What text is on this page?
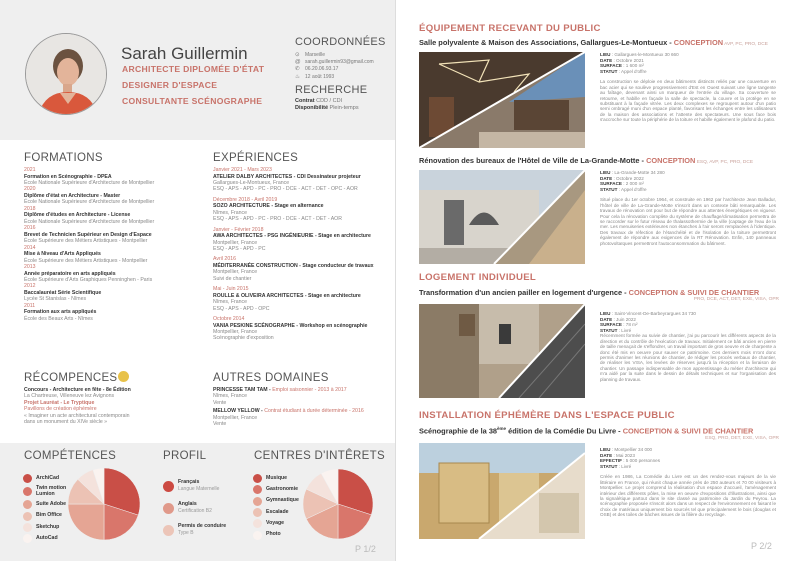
Sarah Guillermin
ARCHITECTE DIPLOMÉE D'ÉTAT
DESIGNER D'ESPACE
CONSULTANTE SCÉNOGRAPHE
COORDONNÉES
⊙ Marseille
@ sarah.guillermin93@gmail.com
✆ 06.20.06.93.17
♨ 12 août 1993
RECHERCHE
Contrat CDD / CDI
Disponibilité Plein-temps
FORMATIONS
2021
Formation en Scénographie - DPEA
École Nationale Supérieure d'Architecture de Montpellier
2020
Diplôme d'état en Architecture - Master
École Nationale Supérieure d'Architecture de Montpellier
2018
Diplôme d'études en Architecture - License
École Nationale Supérieure d'Architecture de Montpellier
2016
Brevet de Technicien Supérieur en Design d'Espace
École Supérieure des Métiers Artistiques - Montpellier
2014
Mise à Niveau d'Arts Appliqués
École Supérieure des Métiers Artistiques - Montpellier
2013
Année préparatoire en arts appliqués
École Supérieure d'Arts Graphiques Penninghen - Paris
2012
Baccalauréat Série Scientifique
Lycée St Stanislas - Nîmes
2011
Formation aux arts appliqués
École des Beaux Arts - Nîmes
RÉCOMPENCES
Concours - Architecture en fête - 8e Édition
La Chartreuse, Villeneuve lez Avignons
Projet Lauréat - Le Tryptique
Pavillons de création éphémère
« Imaginer un acte architectural contemporain
dans un monument du XIVe siècle »
EXPÉRIENCES
Janvier 2021 - Mars 2023
ATELIER DALBY ARCHITECTES - CDI Dessinateur projeteur
Gallargues-Le-Montueux, France
ESQ - APS - APD - PC - PRO - DCE - ACT - DET - OPC - AOR
Décembre 2018 - Avril 2019
SOZO ARCHITECTURE - Stage en alternance
Nîmes, France
ESQ - APS - APD - PC - PRO - DCE - ACT - DET - AOR
Janvier - Février 2018
AWA ARCHITECTES - PSG INGÉNIEURIE - Stage en architecture
Montpellier, France
ESQ - APS - APD - PC
Avril 2016
MÉDITERRANÉE CONSTRUCTION - Stage conducteur de travaux
Montpellier, France
Suivi de chantier
Mai - Juin 2015
ROULLE & OLIVEIRA ARCHITECTES - Stage en architecture
Nîmes, France
ESQ - APS - APD - OPC
Octobre 2014
VANIA PESKINE SCÉNOGRAPHE - Workshop en scénographie
Montpellier, France
Scénographie d'exposition
AUTRES DOMAINES
PRINCESSE TAM TAM - Emploi saisonnier - 2013 à 2017
Nîmes, France
Vente
MELLOW YELLOW - Contrat étudiant à durée déterminée - 2016
Montpellier, France
Vente
COMPÉTENCES
ArchiCad
Twin motion
Lumion
Suite Adobe
Bim Office
Sketchup
AutoCad
PROFIL
Français
Langue Maternelle
Anglais
Certification B2
Permis de conduire
Type B
CENTRES D'INTÊRETS
Musique
Gastronomie
Gymnastique
Escalade
Voyage
Photo
P 1/2
ÉQUIPEMENT RECEVANT DU PUBLIC
Salle polyvalente & Maison des Associations, Gallargues-Le-Montueux - CONCEPTION AVP, PC, PRO, DCE
LIEU : Gallargues-le-Montueux 30 660
DATE : Octobre 2021
SURFACE : 1 600 m²
STATUT : Appel d'offre

La construction se déploie en deux bâtiments distincts reliés par une couverture en bac acier qui se soulève progressivement d'Est en Ouest suivant une ligne tangente au faîtage, devenant ainsi un marqueur de l'entrée du village. Sa couverture se retourne, et habille en façade la salle de spectacle, la couvre et la protège en se substituant à la façade vitrée. Les deux complexes se regroupent autour d'un patio semi ombragé muni d'un espace planté, favorisant les échanges entre les utilisateurs de la maison des associations et l'attente des spectateurs. Une sous face bois s'accroche sur toute la périphérie de la toiture et habille également le plafond du patio.

Rénovation des bureaux de l'Hôtel de Ville de La-Grande-Motte - CONCEPTION ESQ, AVP, PC, PRO, DCE
LIEU : La-Grande-Motte 34 280
DATE : Octobre 2022
SURFACE : 2 000 m²
STATUT : Appel d'offre

Situé place du 1er octobre 1964, et construite en 1962 par l'architecte Jean Balladur, l'hôtel de ville de La-Grande-Motte s'inscrit dans un contexte bâti remarquable. Les travaux de rénovation ont pour but de répondre aux attentes énergétiques en vigueur. Pour cela la rénovation complète du système de chauffage/climatisation permettra de se raccorder sur le futur réseau de thalassothermie de la ville (captage de l'eau de la mer. Les menuiseries extérieures non étanches à l'air seront remplacées à l'identique. Des travaux de réfection de l'étanchéité et de l'isolation de la toiture permettront également de répondre aux exigences de la RT Rénovation. Enfin, 140 panneaux photovoltaïques permettront l'autoconsommation du bâtiment.

LOGEMENT INDIVIDUEL
Transformation d'un ancien pailler en logement d'urgence - CONCEPTION & SUIVI DE CHANTIER
PRO, DCE, ACT, DET, EXE, VISA, OPR
LIEU : Saint-Vincent-De-Barbeyrargues 34 730
DATE : Juin 2022
SURFACE : 78 m²
STATUT : Livré

Récemment formée au suivie de chantier, j'ai pu parcourir les différents aspects de la direction et du contrôle de l'exécution de travaux. Initialement ce bâti ancien en pierre de taille menaçait de s'effondrer, un travail important de gros oeuvre et de charpente a donc été mis en oeuvre pour sauver ce patrimoine. Ces derniers mois m'ont donc permis d'animer les réunions de chantier, de rédiger les procès verbaux de chantier, de réaliser les VISA, les levées de réserves jusqu'à la réception et la livraison de chantier. Un passage indispensable de mon apprentissage du métier d'architecte qui m'a aidé par la suite dans le dessin de détails techniques et sur l'organisation des planning de travaux.

INSTALLATION ÉPHÉMÈRE DANS L'ESPACE PUBLIC
Scénographie de la 38ème édition de la Comédie Du Livre - CONCEPTION & SUIVI DE CHANTIER
ESQ, PRO, DET, EXE, VISA, OPR
LIEU : Montpellier 34 000
DATE : Mai 2023
EFFECTIF : 5 000 personnes
STATUT : Livré

Créée en 1986, La Comédie du Livre est un des rendez-vous majeurs de la vie littéraire en France, qui réunit chaque année près de 250 auteurs et 70 00 visiteurs à Montpellier. Le projet comprend la réalisation d'un espace d'accueil, l'aménagement intérieur des différents pôles, la mise en oeuvre d'expositions d'illustrations, ainsi que la signalétique partout dans le site classé au patrimoine du Jardin du Peyrou. La scénographie proposée s'inscrit alors dans un respect de l'environnement en faisant le choix de matériaux uniquement bio sourcés tel que principalement le bois (douglas et OSB) et des toiles de bâches issues de la filière du recyclage.

P 2/2
